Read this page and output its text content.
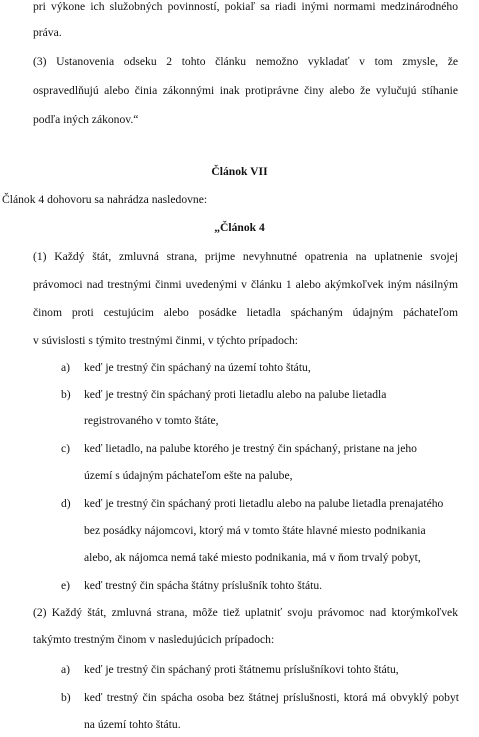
pri výkone ich služobných povinností, pokiaľ sa riadi inými normami medzinárodného
práva.
(3) Ustanovenia odseku 2 tohto článku nemožno vykladať v tom zmysle, že
ospravedlňujú alebo činia zákonnými inak protiprávne činy alebo že vylučujú stíhanie
podľa iných zákonov.“
Článok VII
Článok 4 dohovoru sa nahrádza nasledovne:
„Článok 4
(1) Každý štát, zmluvná strana, prijme nevyhnutné opatrenia na uplatnenie svojej
právomoci nad trestnými činmi uvedenými v článku 1 alebo akýmkoľvek iným násilným
činom proti cestujúcim alebo posádke lietadla spáchaným údajným páchateľom
v súvislosti s týmito trestnými činmi, v týchto prípadoch:
a) keď je trestný čin spáchaný na území tohto štátu,
b) keď je trestný čin spáchaný proti lietadlu alebo na palube lietadla
registrovaného v tomto štáte,
c) keď lietadlo, na palube ktorého je trestný čin spáchaný, pristane na jeho
území s údajným páchateľom ešte na palube,
d) keď je trestný čin spáchaný proti lietadlu alebo na palube lietadla prenajatého
bez posádky nájomcovi, ktorý má v tomto štáte hlavné miesto podnikania
alebo, ak nájomca nemá také miesto podnikania, má v ňom trvalý pobyt,
e) keď trestný čin spácha štátny príslušník tohto štátu.
(2) Každý štát, zmluvná strana, môže tiež uplatniť svoju právomoc nad ktorýmkoľvek
takýmto trestným činom v nasledujúcich prípadoch:
a) keď je trestný čin spáchaný proti štátnemu príslušníkovi tohto štátu,
b) keď trestný čin spácha osoba bez štátnej príslušnosti, ktorá má obvyklý pobyt
na území tohto štátu.
